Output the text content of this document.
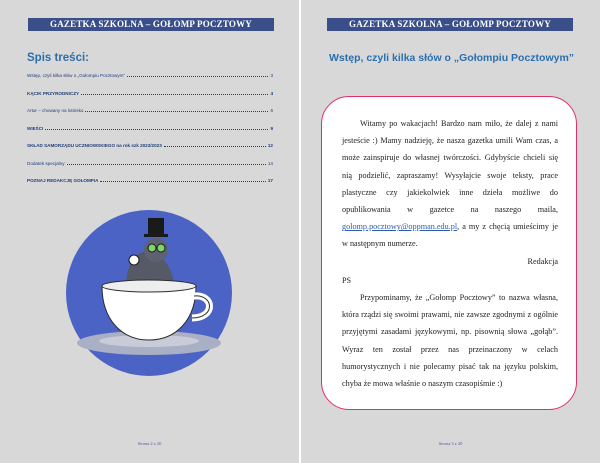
GAZETKA SZKOLNA – GOŁOMP POCZTOWY
Spis treści:
Wstęp, czyli kilka słów o „Gołompiu Pocztowym”	3
KĄCIK PRZYRODNICZY	4
Artur – chowany na lotnisku	6
WIEŚCI	9
SKŁAD SAMORZĄDU UCZNIOWSKIEGO na rok szk 2022/2023	12
Dodatek specjalny	14
POZNAJ REDAKCJĘ GOŁOMPIA	17
Strona 2 z 20
GAZETKA SZKOLNA – GOŁOMP POCZTOWY
Wstęp, czyli kilka słów o „Gołompiu Pocztowym”

Witamy po wakacjach! Bardzo nam miło, że dalej z nami jesteście :) Mamy nadzieję, że nasza gazetka umili Wam czas, a może zainspiruje do własnej twórczości. Gdybyście chcieli się nią podzielić, zapraszamy! Wysyłajcie swoje teksty, prace plastyczne czy jakiekolwiek inne dzieła możliwe do opublikowania w gazetce na naszego maila, golomp.pocztowy@oppman.edu.pl, a my z chęcią umieścimy je w następnym numerze.

Redakcja

PS

Przypominamy, że „Gołomp Pocztowy” to nazwa własna, która rządzi się swoimi prawami, nie zawsze zgodnymi z ogólnie przyjętymi zasadami językowymi, np. pisownią słowa „gołąb”. Wyraz ten został przez nas przeinaczony w celach humorystycznych i nie polecamy pisać tak na języku polskim, chyba że mowa właśnie o naszym czasopiśmie :)

Strona 3 z 20
